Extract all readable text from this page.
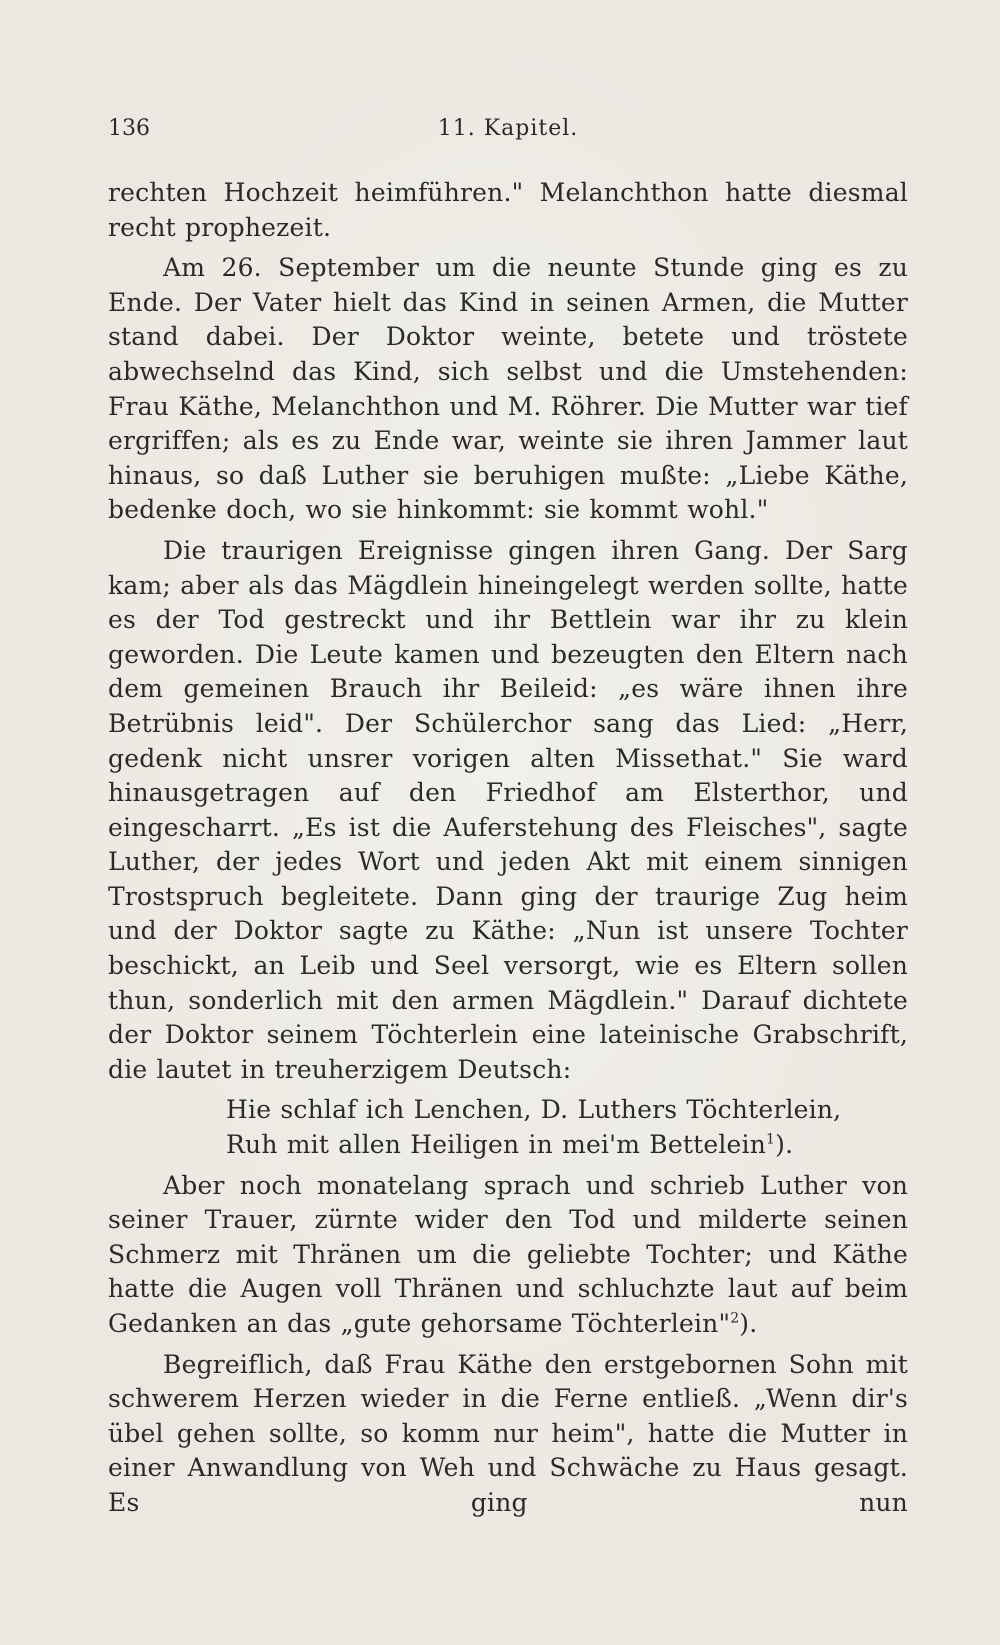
136	11. Kapitel.

rechten Hochzeit heimführen." Melanchthon hatte diesmal recht prophezeit.

Am 26. September um die neunte Stunde ging es zu Ende. Der Vater hielt das Kind in seinen Armen, die Mutter stand dabei. Der Doktor weinte, betete und tröstete abwechselnd das Kind, sich selbst und die Umstehenden: Frau Käthe, Melanchthon und M. Röhrer. Die Mutter war tief ergriffen; als es zu Ende war, weinte sie ihren Jammer laut hinaus, so daß Luther sie beruhigen mußte: „Liebe Käthe, bedenke doch, wo sie hinkommt: sie kommt wohl."

Die traurigen Ereignisse gingen ihren Gang. Der Sarg kam; aber als das Mägdlein hineingelegt werden sollte, hatte es der Tod gestreckt und ihr Bettlein war ihr zu klein geworden. Die Leute kamen und bezeugten den Eltern nach dem gemeinen Brauch ihr Beileid: „es wäre ihnen ihre Betrübnis leid". Der Schülerchor sang das Lied: „Herr, gedenk nicht unsrer vorigen alten Missethat." Sie ward hinausgetragen auf den Friedhof am Elsterthor, und eingescharrt. „Es ist die Auferstehung des Fleisches", sagte Luther, der jedes Wort und jeden Akt mit einem sinnigen Trostspruch begleitete. Dann ging der traurige Zug heim und der Doktor sagte zu Käthe: „Nun ist unsere Tochter beschickt, an Leib und Seel versorgt, wie es Eltern sollen thun, sonderlich mit den armen Mägdlein." Darauf dichtete der Doktor seinem Töchterlein eine lateinische Grabschrift, die lautet in treuherzigem Deutsch:

Hie schlaf ich Lenchen, D. Luthers Töchterlein,
Ruh mit allen Heiligen in mei'm Bettelein$^1$).

Aber noch monatelang sprach und schrieb Luther von seiner Trauer, zürnte wider den Tod und milderte seinen Schmerz mit Thränen um die geliebte Tochter; und Käthe hatte die Augen voll Thränen und schluchzte laut auf beim Gedanken an das „gute gehorsame Töchterlein"$^2$).

Begreiflich, daß Frau Käthe den erstgebornen Sohn mit schwerem Herzen wieder in die Ferne entließ. „Wenn dir's übel gehen sollte, so komm nur heim", hatte die Mutter in einer Anwandlung von Weh und Schwäche zu Haus gesagt. Es ging nun
